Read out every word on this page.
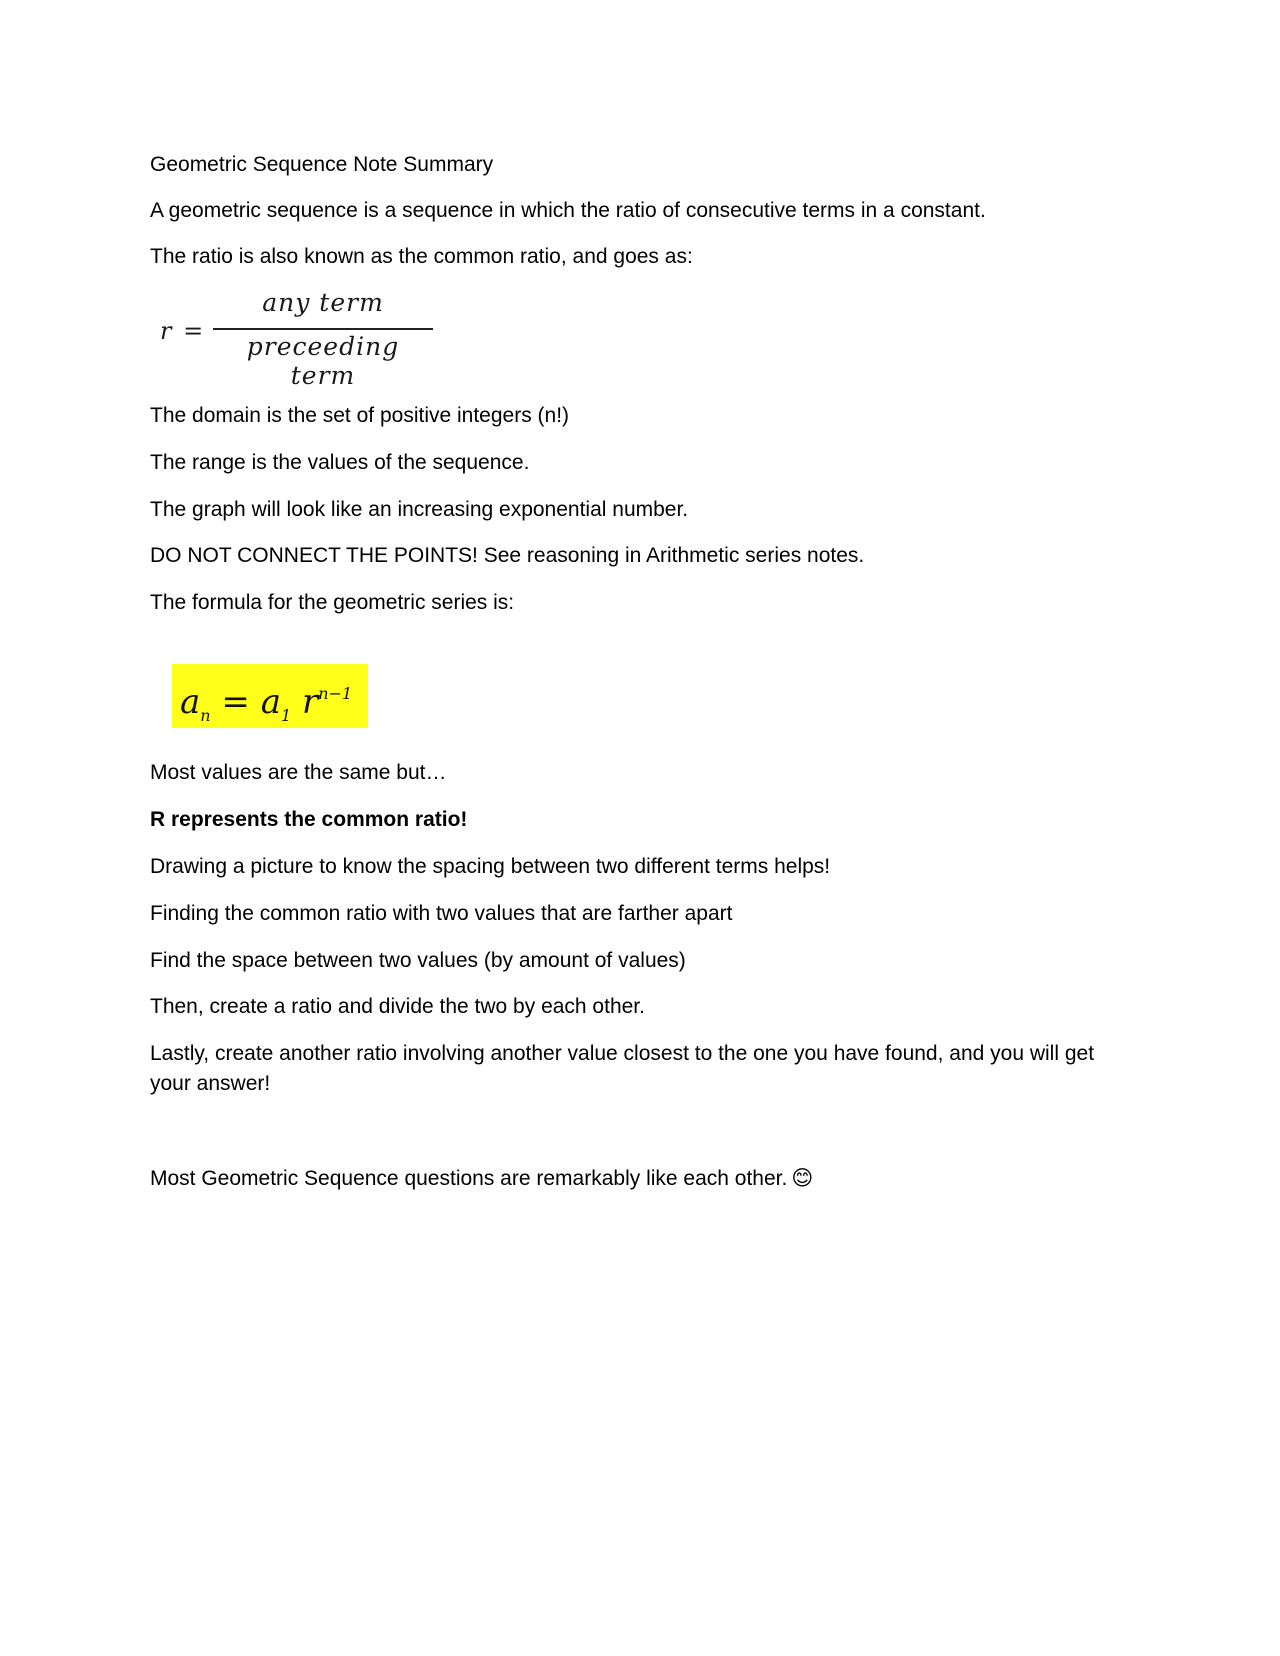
Geometric Sequence Note Summary

A geometric sequence is a sequence in which the ratio of consecutive terms in a constant.

The ratio is also known as the common ratio, and goes as:

r =
any term
preceeding term

The domain is the set of positive integers (n!)

The range is the values of the sequence.

The graph will look like an increasing exponential number.

DO NOT CONNECT THE POINTS! See reasoning in Arithmetic series notes.

The formula for the geometric series is:

$a_n = a_1$ $r^{n-1}$

Most values are the same but…

R represents the common ratio!

Drawing a picture to know the spacing between two different terms helps!

Finding the common ratio with two values that are farther apart

Find the space between two values (by amount of values)

Then, create a ratio and divide the two by each other.

Lastly, create another ratio involving another value closest to the one you have found, and you will get your answer!

Most Geometric Sequence questions are remarkably like each other. 😊
